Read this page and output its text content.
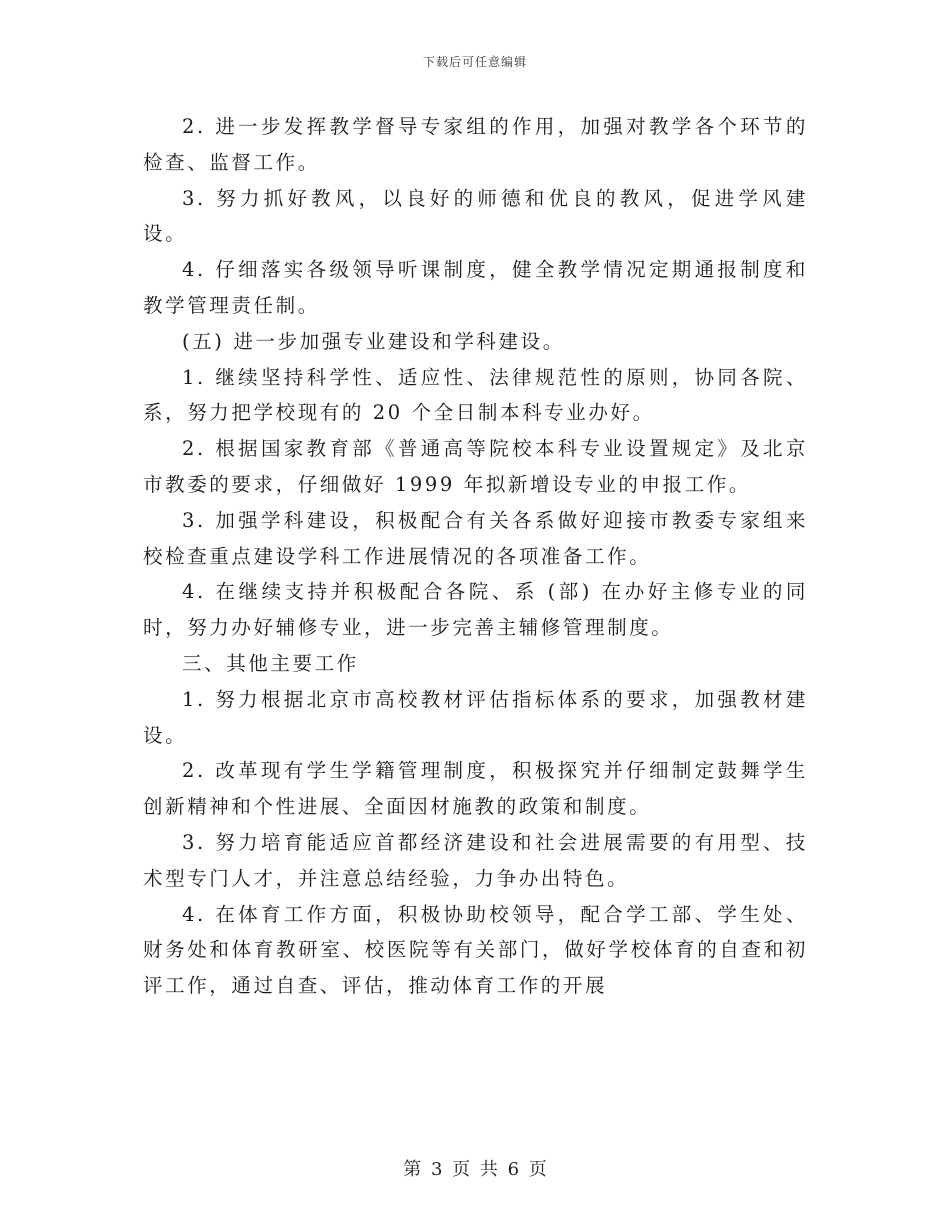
下载后可任意编辑

2. 进一步发挥教学督导专家组的作用，加强对教学各个环节的检查、监督工作。

3. 努力抓好教风，以良好的师德和优良的教风，促进学风建设。

4. 仔细落实各级领导听课制度，健全教学情况定期通报制度和教学管理责任制。

(五) 进一步加强专业建设和学科建设。

1. 继续坚持科学性、适应性、法律规范性的原则，协同各院、系，努力把学校现有的 20 个全日制本科专业办好。

2. 根据国家教育部《普通高等院校本科专业设置规定》及北京市教委的要求，仔细做好 1999 年拟新增设专业的申报工作。

3. 加强学科建设，积极配合有关各系做好迎接市教委专家组来校检查重点建设学科工作进展情况的各项准备工作。

4. 在继续支持并积极配合各院、系 (部) 在办好主修专业的同时，努力办好辅修专业，进一步完善主辅修管理制度。

三、其他主要工作

1. 努力根据北京市高校教材评估指标体系的要求，加强教材建设。

2. 改革现有学生学籍管理制度，积极探究并仔细制定鼓舞学生创新精神和个性进展、全面因材施教的政策和制度。

3. 努力培育能适应首都经济建设和社会进展需要的有用型、技术型专门人才，并注意总结经验，力争办出特色。

4. 在体育工作方面，积极协助校领导，配合学工部、学生处、财务处和体育教研室、校医院等有关部门，做好学校体育的自查和初评工作，通过自查、评估，推动体育工作的开展

第 3 页 共 6 页
